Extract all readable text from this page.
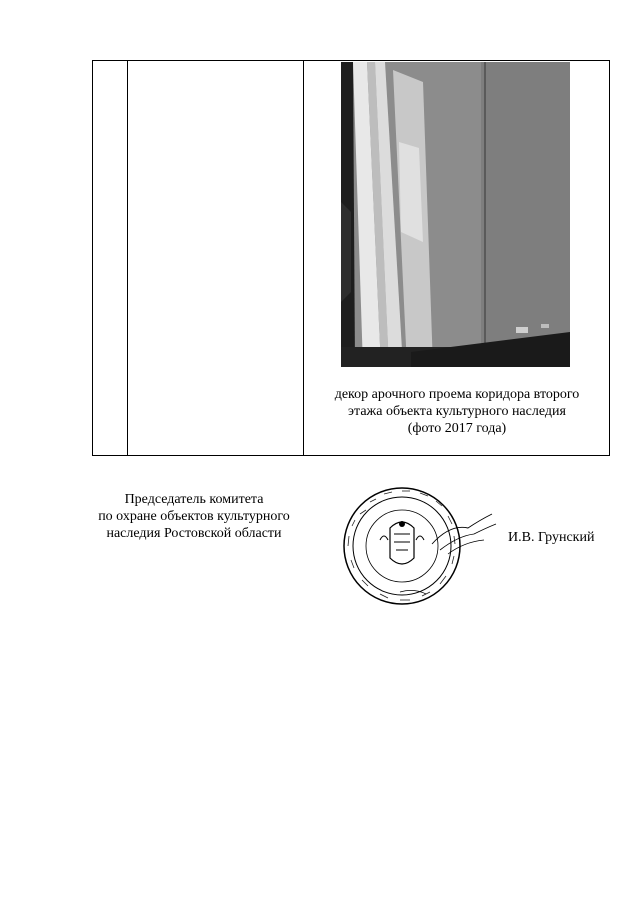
декор арочного проема коридора второго
этажа объекта культурного наследия
(фото 2017 года)
Председатель комитета
по охране объектов культурного
наследия Ростовской области	И.В. Грунский
